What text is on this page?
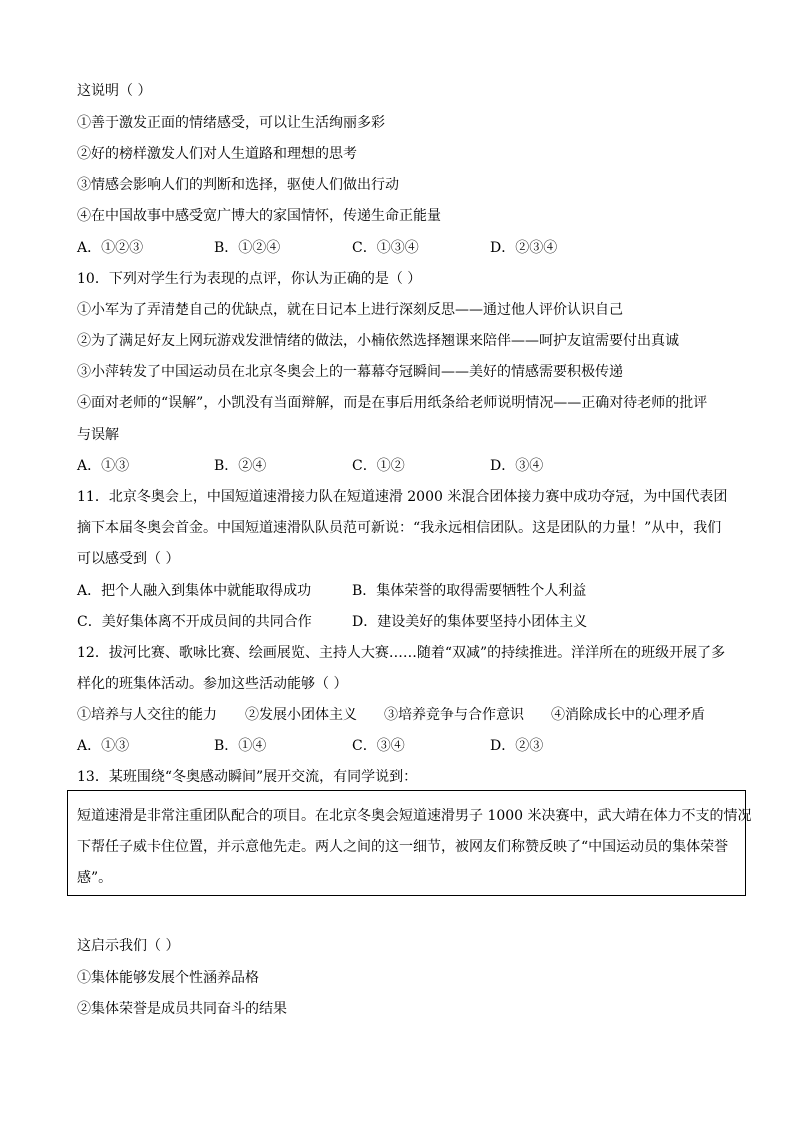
这说明（ ）
①善于激发正面的情绪感受，可以让生活绚丽多彩
②好的榜样激发人们对人生道路和理想的思考
③情感会影响人们的判断和选择，驱使人们做出行动
④在中国故事中感受宽广博大的家国情怀，传递生命正能量
A．①②③	B．①②④	C．①③④	D．②③④
10．下列对学生行为表现的点评，你认为正确的是（ ）
①小军为了弄清楚自己的优缺点，就在日记本上进行深刻反思——通过他人评价认识自己
②为了满足好友上网玩游戏发泄情绪的做法，小楠依然选择翘课来陪伴——呵护友谊需要付出真诚
③小萍转发了中国运动员在北京冬奥会上的一幕幕夺冠瞬间——美好的情感需要积极传递
④面对老师的“误解”，小凯没有当面辩解，而是在事后用纸条给老师说明情况——正确对待老师的批评
与误解
A．①③	B．②④	C．①②	D．③④
11．北京冬奥会上，中国短道速滑接力队在短道速滑 2000 米混合团体接力赛中成功夺冠，为中国代表团
摘下本届冬奥会首金。中国短道速滑队队员范可新说：“我永远相信团队。这是团队的力量！”从中，我们
可以感受到（ ）
A．把个人融入到集体中就能取得成功	B．集体荣誉的取得需要牺牲个人利益
C．美好集体离不开成员间的共同合作	D．建设美好的集体要坚持小团体主义
12．拔河比赛、歌咏比赛、绘画展览、主持人大赛……随着“双减”的持续推进。洋洋所在的班级开展了多
样化的班集体活动。参加这些活动能够（ ）
①培养与人交往的能力 ②发展小团体主义 ③培养竞争与合作意识 ④消除成长中的心理矛盾
A．①③	B．①④	C．③④	D．②③
13．某班围绕“冬奥感动瞬间”展开交流，有同学说到：
短道速滑是非常注重团队配合的项目。在北京冬奥会短道速滑男子 1000 米决赛中，武大靖在体力不支的情况
下帮任子威卡住位置，并示意他先走。两人之间的这一细节，被网友们称赞反映了“中国运动员的集体荣誉
感”。
这启示我们（ ）
①集体能够发展个性涵养品格
②集体荣誉是成员共同奋斗的结果
